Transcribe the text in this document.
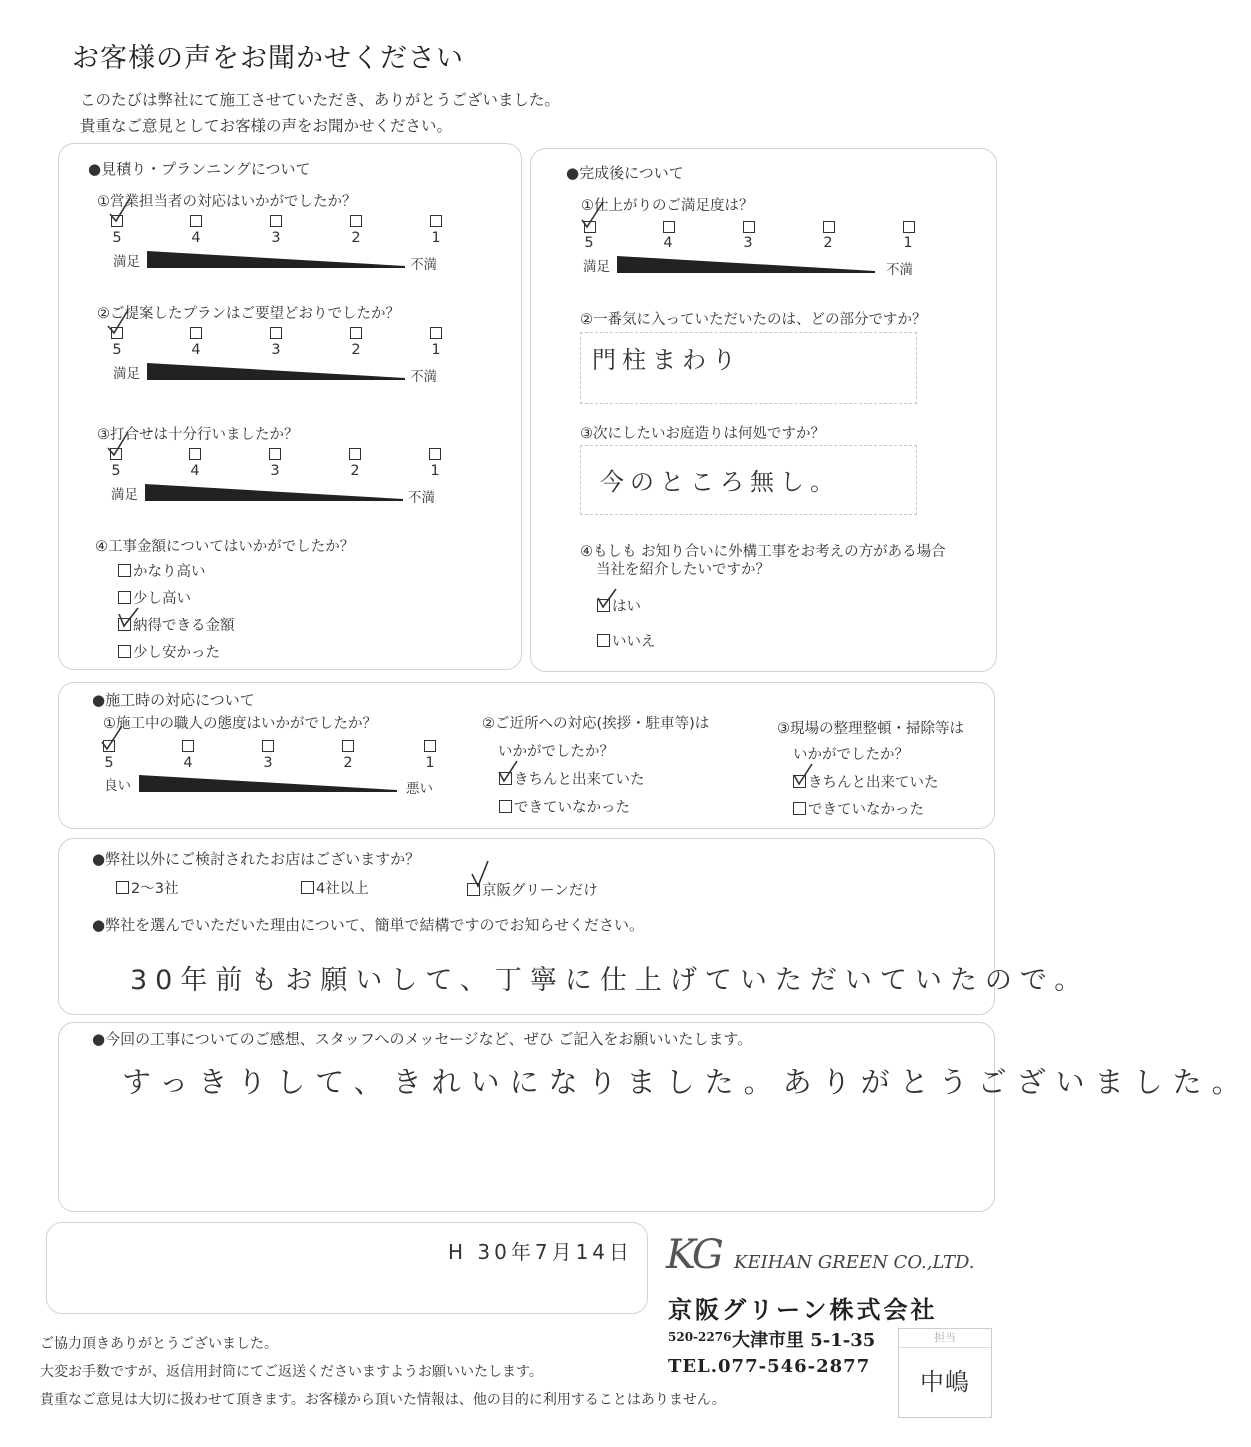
お客様の声をお聞かせください
このたびは弊社にて施工させていただき、ありがとうございました。
貴重なご意見としてお客様の声をお聞かせください。
●見積り・プランニングについて
①営業担当者の対応はいかがでしたか？
5	4	3	2	1
満足	不満
②ご提案したプランはご要望どおりでしたか？
5	4	3	2	1
満足	不満
③打合せは十分行いましたか？
5	4	3	2	1
満足	不満
④工事金額についてはいかがでしたか？
かなり高い
少し高い
納得できる金額
少し安かった
●完成後について
①仕上がりのご満足度は？
5	4	3	2	1
満足	不満
②一番気に入っていただいたのは、どの部分ですか？
門柱まわり
③次にしたいお庭造りは何処ですか？
今のところ無し。
④もしも お知り合いに外構工事をお考えの方がある場合
当社を紹介したいですか？
はい
いいえ
●施工時の対応について
①施工中の職人の態度はいかがでしたか？
5	4	3	2	1
良い	悪い
②ご近所への対応(挨拶・駐車等)は
いかがでしたか？
きちんと出来ていた
できていなかった
③現場の整理整頓・掃除等は
いかがでしたか？
きちんと出来ていた
できていなかった
●弊社以外にご検討されたお店はございますか？
2～3社	4社以上	京阪グリーンだけ
●弊社を選んでいただいた理由について、簡単で結構ですのでお知らせください。
30年前もお願いして、丁寧に仕上げていただいていたので。
●今回の工事についてのご感想、スタッフへのメッセージなど、ぜひ ご記入をお願いいたします。
すっきりして、きれいになりました。ありがとうございました。
H 30年7月14日
ご協力頂きありがとうございました。
大変お手数ですが、返信用封筒にてご返送くださいますようお願いいたします。
貴重なご意見は大切に扱わせて頂きます。お客様から頂いた情報は、他の目的に利用することはありません。
KG KEIHAN GREEN CO.,LTD.
京阪グリーン株式会社
520-2276 大津市里 5-1-35
TEL.077-546-2877
担当
中嶋
